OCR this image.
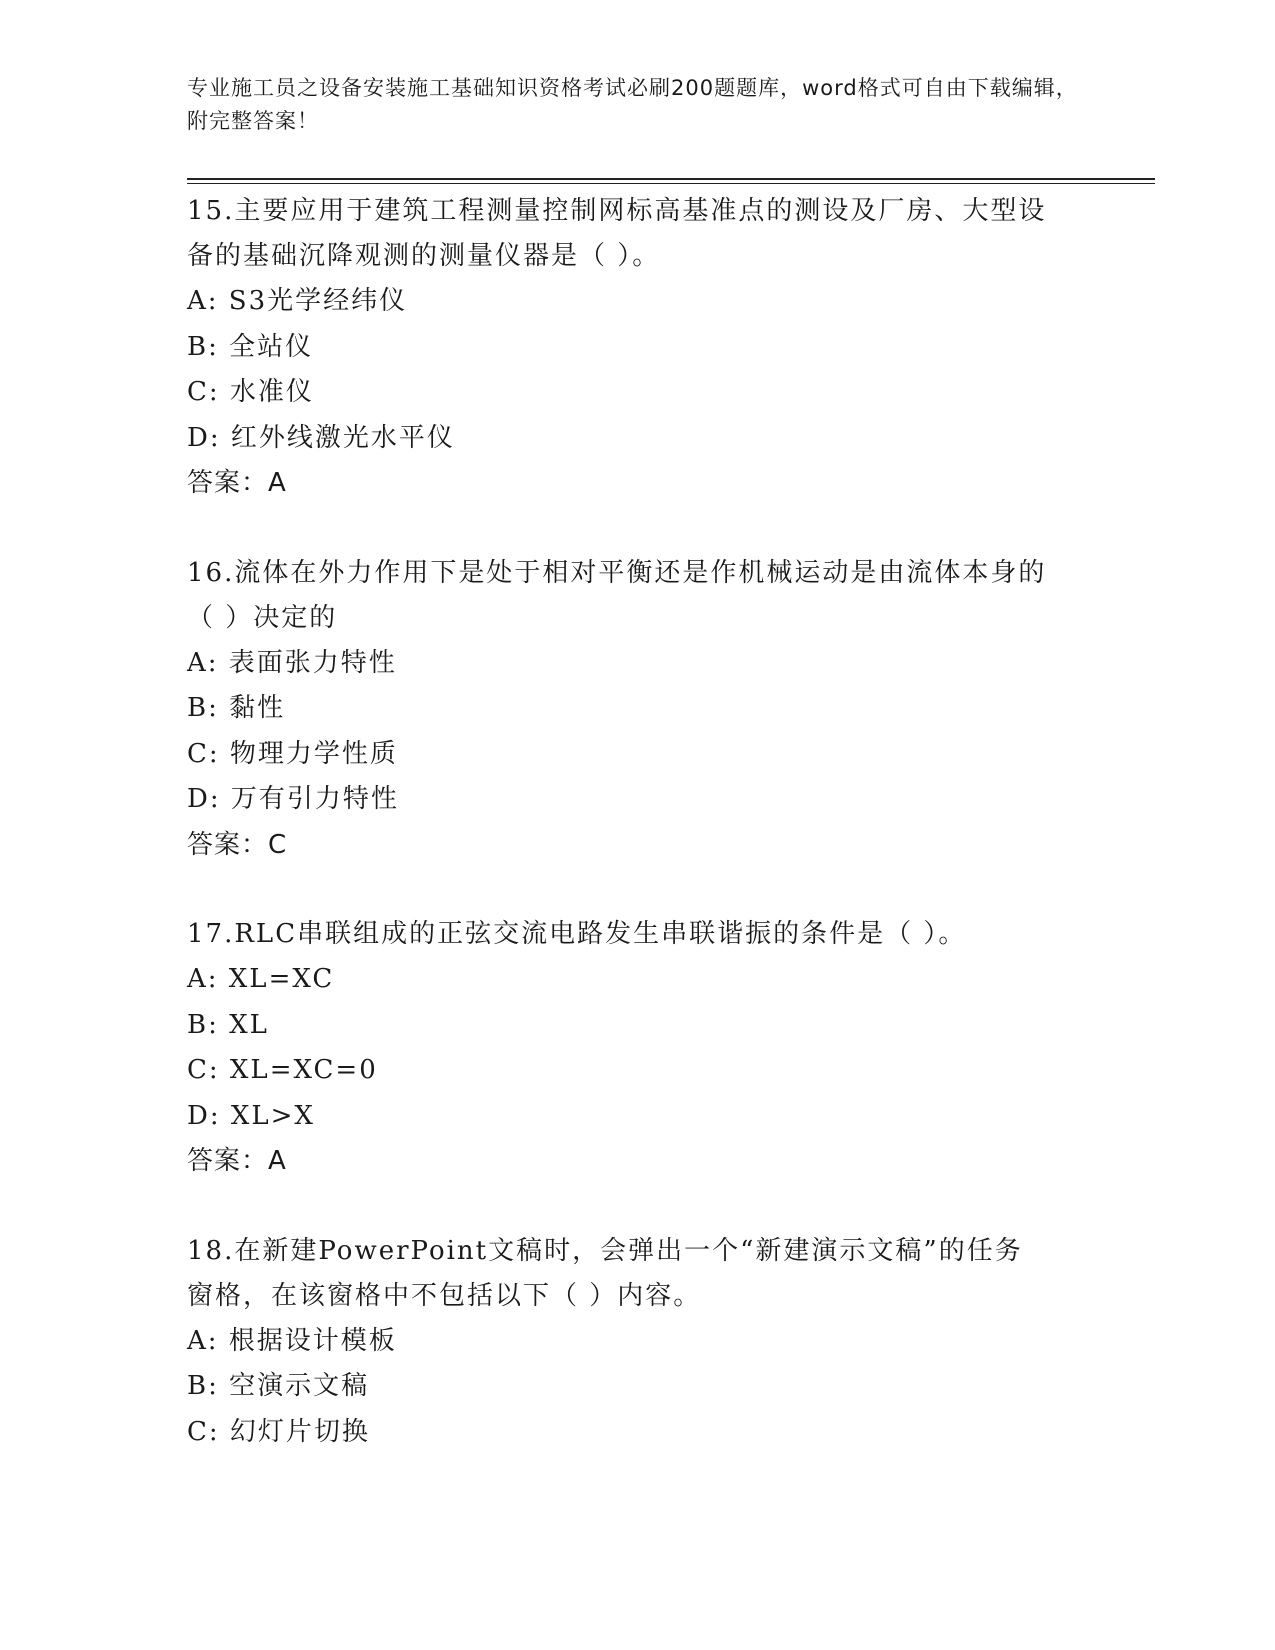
专业施工员之设备安装施工基础知识资格考试必刷200题题库，word格式可自由下载编辑，附完整答案！
15.主要应用于建筑工程测量控制网标高基准点的测设及厂房、大型设
备的基础沉降观测的测量仪器是（ ）。
A: S3光学经纬仪
B: 全站仪
C: 水准仪
D: 红外线激光水平仪
答案：A
16.流体在外力作用下是处于相对平衡还是作机械运动是由流体本身的
（ ）决定的
A: 表面张力特性
B: 黏性
C: 物理力学性质
D: 万有引力特性
答案：C
17.RLC串联组成的正弦交流电路发生串联谐振的条件是（ ）。
A: XL=XC
B: XL
C: XL=XC=0
D: XL>X
答案：A
18.在新建PowerPoint文稿时，会弹出一个“新建演示文稿”的任务
窗格，在该窗格中不包括以下（ ）内容。
A: 根据设计模板
B: 空演示文稿
C: 幻灯片切换
